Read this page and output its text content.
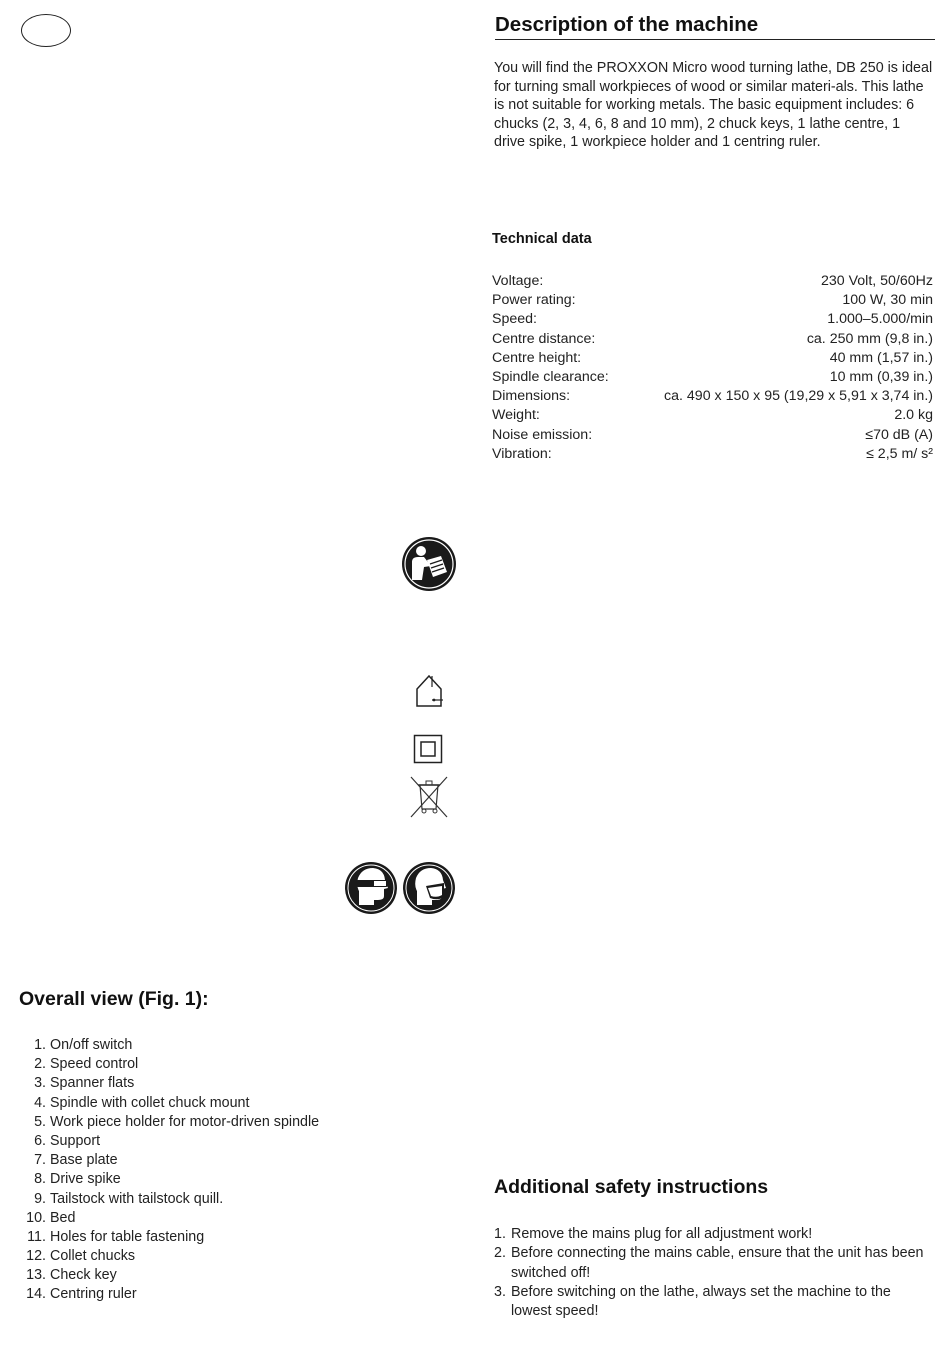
Description of the machine
You will find the PROXXON Micro wood turning lathe, DB 250 is ideal for turning small workpieces of wood or similar materi-als. This lathe is not suitable for working metals. The basic equipment includes: 6 chucks (2, 3, 4, 6, 8 and 10 mm), 2 chuck keys, 1 lathe centre, 1 drive spike, 1 workpiece holder and 1 centring ruler.
Technical data
Voltage:	230 Volt, 50/60Hz
Power rating:	100 W, 30 min
Speed:	1.000–5.000/min
Centre distance:	ca. 250 mm (9,8 in.)
Centre height:	40 mm (1,57 in.)
Spindle clearance:	10 mm (0,39 in.)
Dimensions:	ca. 490 x 150 x 95 (19,29 x 5,91 x 3,74 in.)
Weight:	2.0 kg
Noise emission:	≤70 dB (A)
Vibration:	≤ 2,5 m/ s²
Overall view (Fig. 1):
1. On/off switch
2. Speed control
3. Spanner flats
4. Spindle with collet chuck mount
5. Work piece holder for motor-driven spindle
6. Support
7. Base plate
8. Drive spike
9. Tailstock with tailstock quill.
10. Bed
11. Holes for table fastening
12. Collet chucks
13. Check key
14. Centring ruler
Additional safety instructions
1. Remove the mains plug for all adjustment work!
2. Before connecting the mains cable, ensure that the unit has been switched off!
3. Before switching on the lathe, always set the machine to the lowest speed!
